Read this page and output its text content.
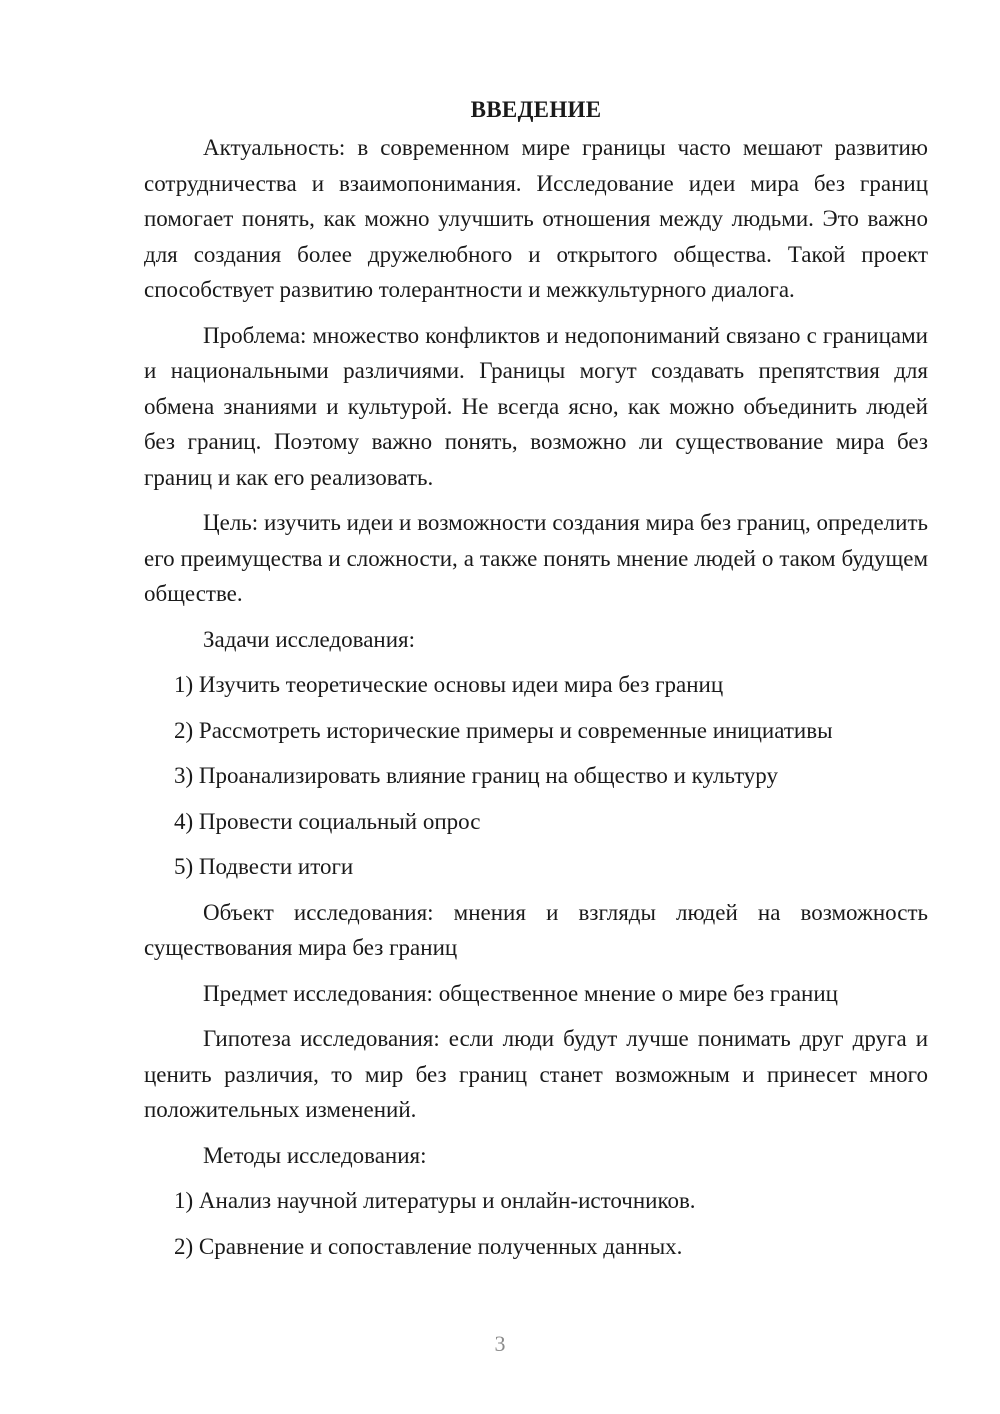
ВВЕДЕНИЕ

Актуальность: в современном мире границы часто мешают развитию сотрудничества и взаимопонимания. Исследование идеи мира без границ помогает понять, как можно улучшить отношения между людьми. Это важно для создания более дружелюбного и открытого общества. Такой проект способствует развитию толерантности и межкультурного диалога.

Проблема: множество конфликтов и недопониманий связано с границами и национальными различиями. Границы могут создавать препятствия для обмена знаниями и культурой. Не всегда ясно, как можно объединить людей без границ. Поэтому важно понять, возможно ли существование мира без границ и как его реализовать.

Цель: изучить идеи и возможности создания мира без границ, определить его преимущества и сложности, а также понять мнение людей о таком будущем обществе.

Задачи исследования:

1) Изучить теоретические основы идеи мира без границ
2) Рассмотреть исторические примеры и современные инициативы
3) Проанализировать влияние границ на общество и культуру
4) Провести социальный опрос
5) Подвести итоги

Объект исследования: мнения и взгляды людей на возможность существования мира без границ

Предмет исследования: общественное мнение о мире без границ

Гипотеза исследования: если люди будут лучше понимать друг друга и ценить различия, то мир без границ станет возможным и принесет много положительных изменений.

Методы исследования:

1) Анализ научной литературы и онлайн-источников.
2) Сравнение и сопоставление полученных данных.
3
